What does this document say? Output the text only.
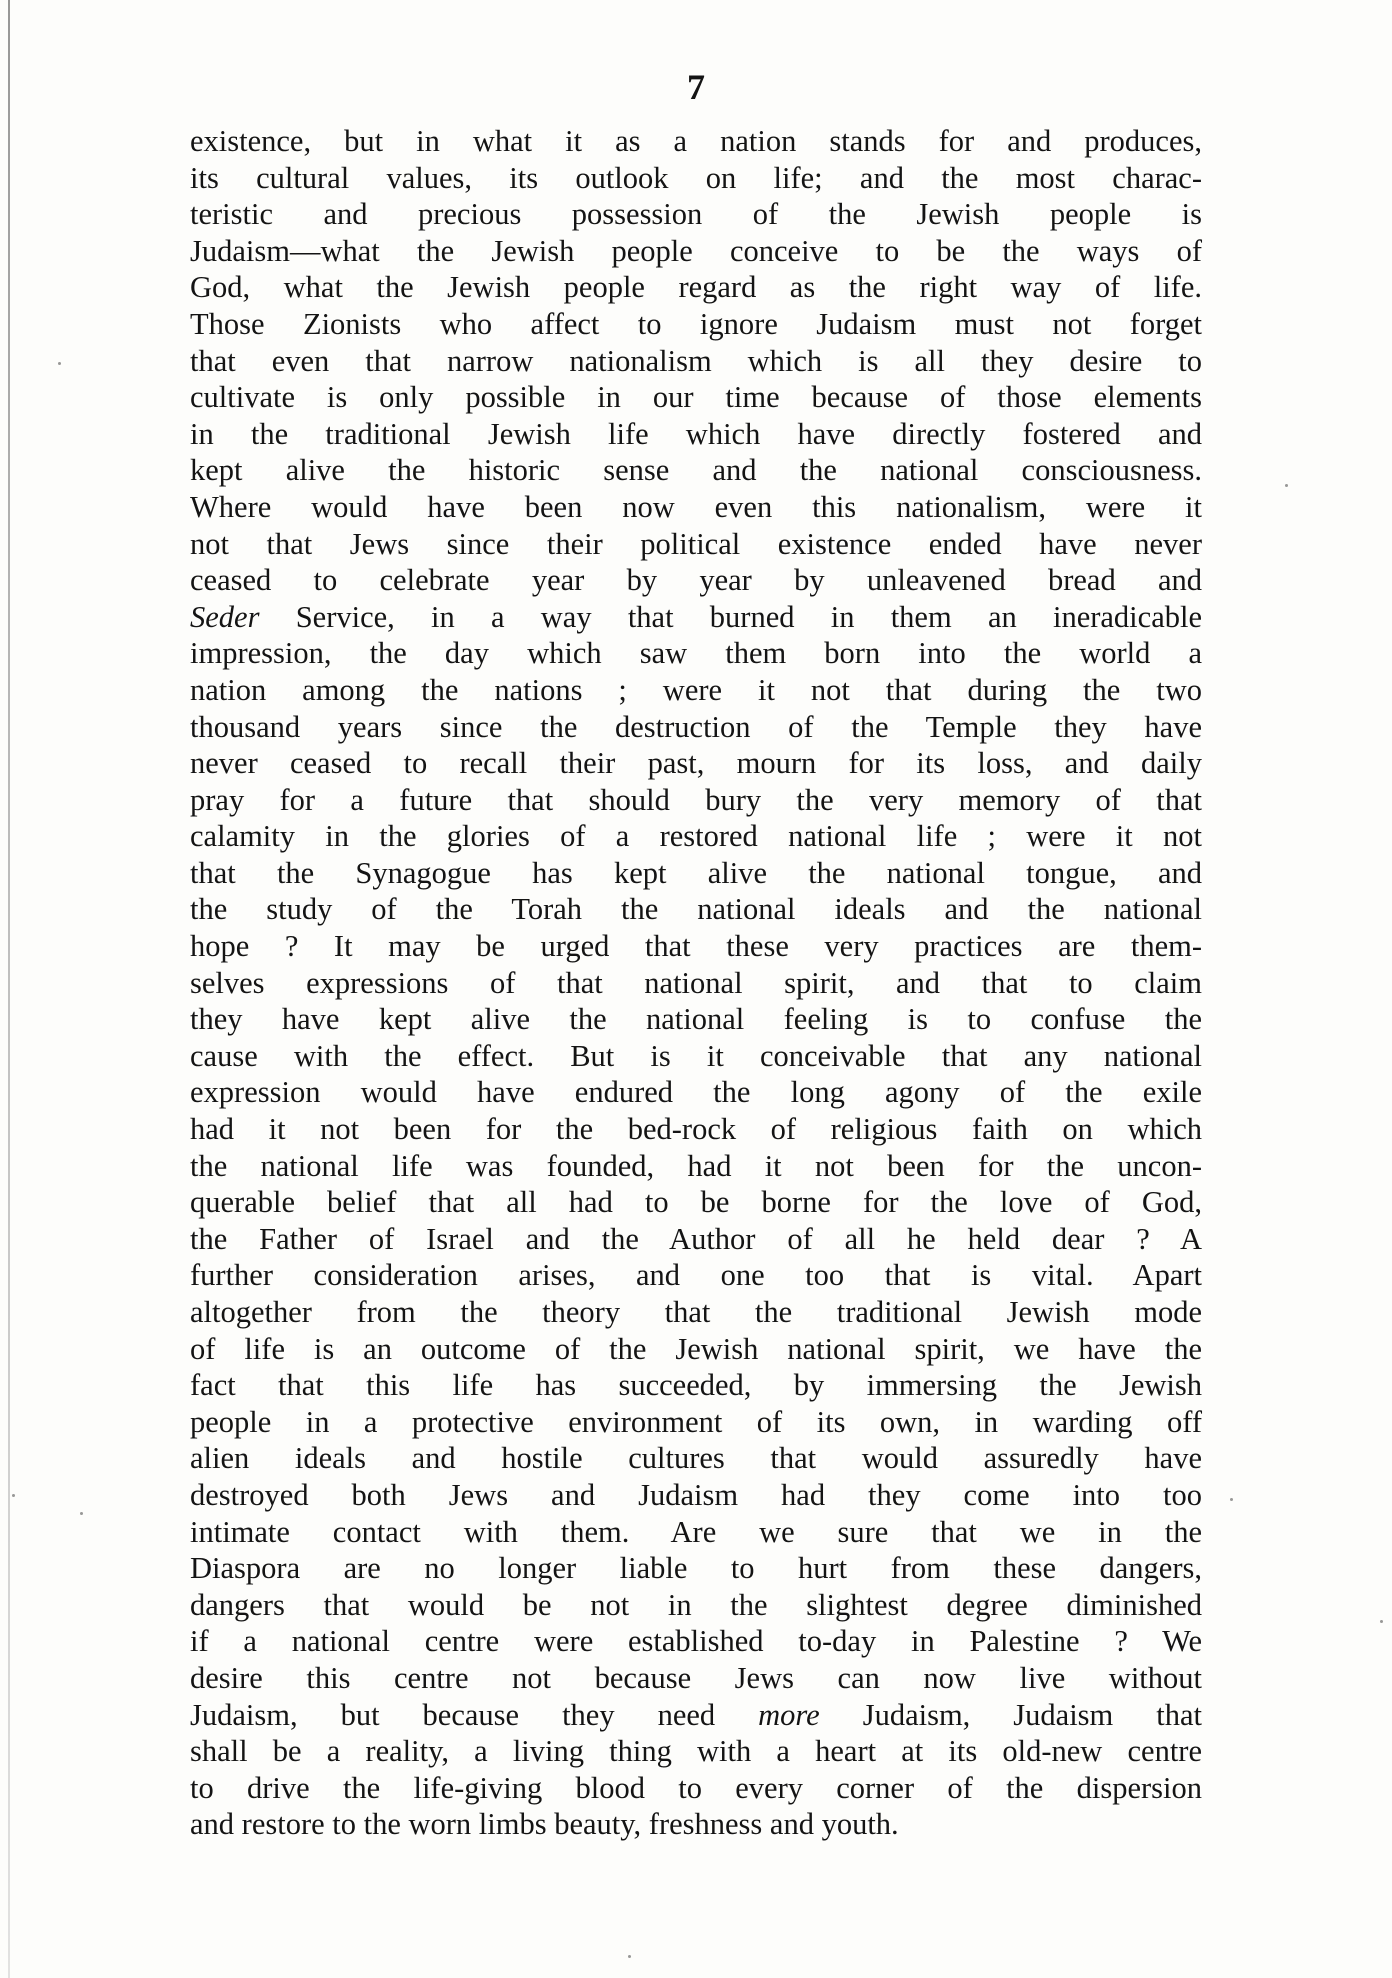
7
existence, but in what it as a nation stands for and produces,
its cultural values, its outlook on life; and the most charac-
teristic and precious possession of the Jewish people is
Judaism—what the Jewish people conceive to be the ways of
God, what the Jewish people regard as the right way of life.
Those Zionists who affect to ignore Judaism must not forget
that even that narrow nationalism which is all they desire to
cultivate is only possible in our time because of those elements
in the traditional Jewish life which have directly fostered and
kept alive the historic sense and the national consciousness.
Where would have been now even this nationalism, were it
not that Jews since their political existence ended have never
ceased to celebrate year by year by unleavened bread and
Seder Service, in a way that burned in them an ineradicable
impression, the day which saw them born into the world a
nation among the nations ; were it not that during the two
thousand years since the destruction of the Temple they have
never ceased to recall their past, mourn for its loss, and daily
pray for a future that should bury the very memory of that
calamity in the glories of a restored national life ; were it not
that the Synagogue has kept alive the national tongue, and
the study of the Torah the national ideals and the national
hope ? It may be urged that these very practices are them-
selves expressions of that national spirit, and that to claim
they have kept alive the national feeling is to confuse the
cause with the effect. But is it conceivable that any national
expression would have endured the long agony of the exile
had it not been for the bed-rock of religious faith on which
the national life was founded, had it not been for the uncon-
querable belief that all had to be borne for the love of God,
the Father of Israel and the Author of all he held dear ? A
further consideration arises, and one too that is vital. Apart
altogether from the theory that the traditional Jewish mode
of life is an outcome of the Jewish national spirit, we have the
fact that this life has succeeded, by immersing the Jewish
people in a protective environment of its own, in warding off
alien ideals and hostile cultures that would assuredly have
destroyed both Jews and Judaism had they come into too
intimate contact with them. Are we sure that we in the
Diaspora are no longer liable to hurt from these dangers,
dangers that would be not in the slightest degree diminished
if a national centre were established to-day in Palestine ? We
desire this centre not because Jews can now live without
Judaism, but because they need more Judaism, Judaism that
shall be a reality, a living thing with a heart at its old-new centre
to drive the life-giving blood to every corner of the dispersion
and restore to the worn limbs beauty, freshness and youth.
